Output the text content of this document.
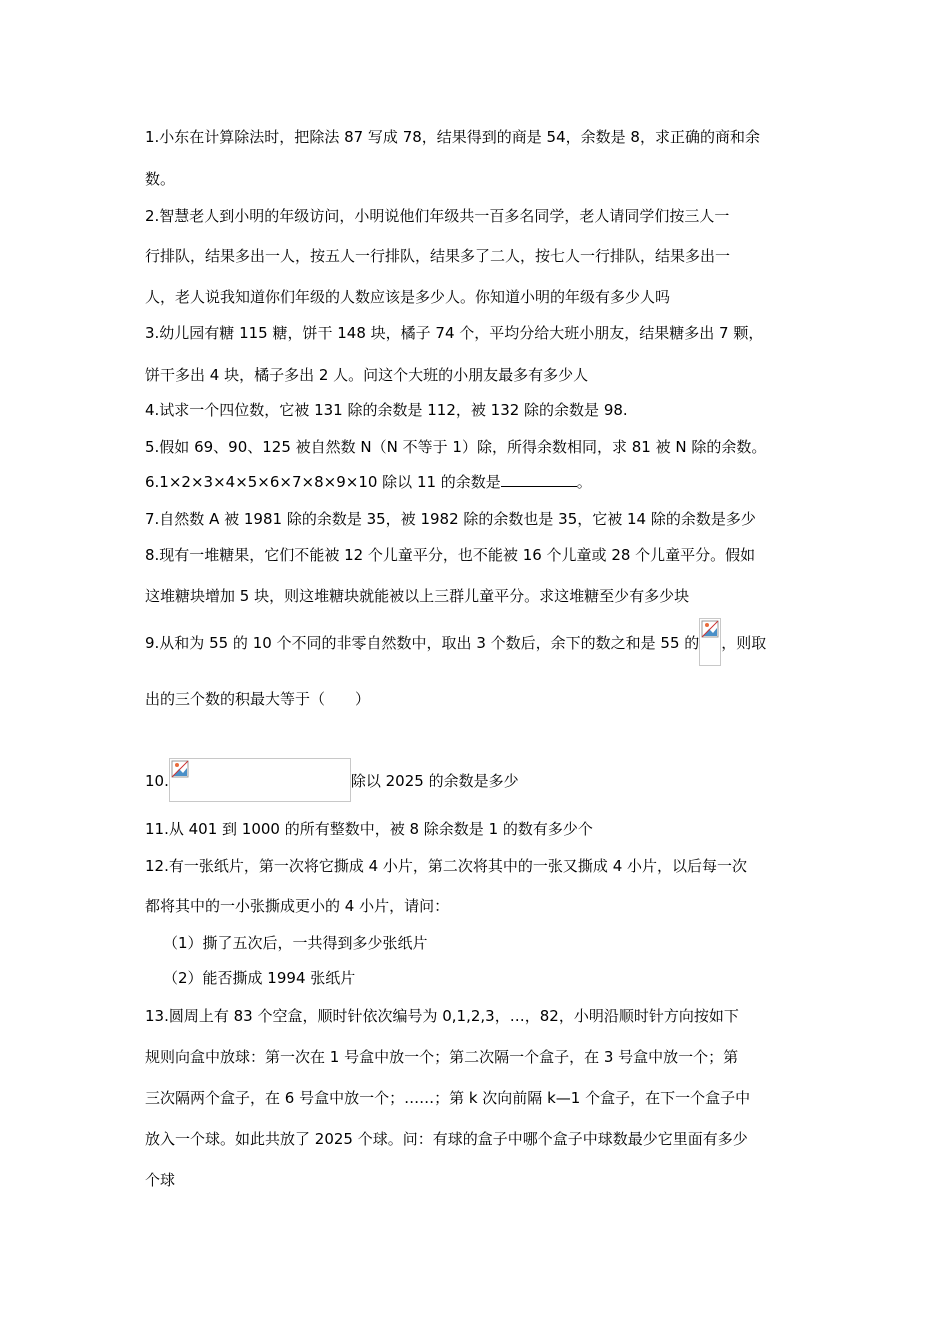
1.小东在计算除法时，把除法 87 写成 78，结果得到的商是 54，余数是 8，求正确的商和余
数。
2.智慧老人到小明的年级访问，小明说他们年级共一百多名同学，老人请同学们按三人一
行排队，结果多出一人，按五人一行排队，结果多了二人，按七人一行排队，结果多出一
人，老人说我知道你们年级的人数应该是多少人。你知道小明的年级有多少人吗
3.幼儿园有糖 115 糖，饼干 148 块，橘子 74 个，平均分给大班小朋友，结果糖多出 7 颗，
饼干多出 4 块，橘子多出 2 人。问这个大班的小朋友最多有多少人
4.试求一个四位数，它被 131 除的余数是 112，被 132 除的余数是 98.
5.假如 69、90、125 被自然数 N（N 不等于 1）除，所得余数相同，求 81 被 N 除的余数。
6.1×2×3×4×5×6×7×8×9×10 除以 11 的余数是	。
7.自然数 A 被 1981 除的余数是 35，被 1982 除的余数也是 35，它被 14 除的余数是多少
8.现有一堆糖果，它们不能被 12 个儿童平分，也不能被 16 个儿童或 28 个儿童平分。假如
这堆糖块增加 5 块，则这堆糖块就能被以上三群儿童平分。求这堆糖至少有多少块
9.从和为 55 的 10 个不同的非零自然数中，取出 3 个数后，余下的数之和是 55 的 ，则取
出的三个数的积最大等于（　　）
10.	除以 2025 的余数是多少
11.从 401 到 1000 的所有整数中，被 8 除余数是 1 的数有多少个
12.有一张纸片，第一次将它撕成 4 小片，第二次将其中的一张又撕成 4 小片，以后每一次
都将其中的一小张撕成更小的 4 小片，请问：
（1）撕了五次后，一共得到多少张纸片
（2）能否撕成 1994 张纸片
13.圆周上有 83 个空盒，顺时针依次编号为 0,1,2,3，…，82，小明沿顺时针方向按如下
规则向盒中放球：第一次在 1 号盒中放一个；第二次隔一个盒子，在 3 号盒中放一个；第
三次隔两个盒子，在 6 号盒中放一个；……；第 k 次向前隔 k—1 个盒子，在下一个盒子中
放入一个球。如此共放了 2025 个球。问：有球的盒子中哪个盒子中球数最少它里面有多少
个球
